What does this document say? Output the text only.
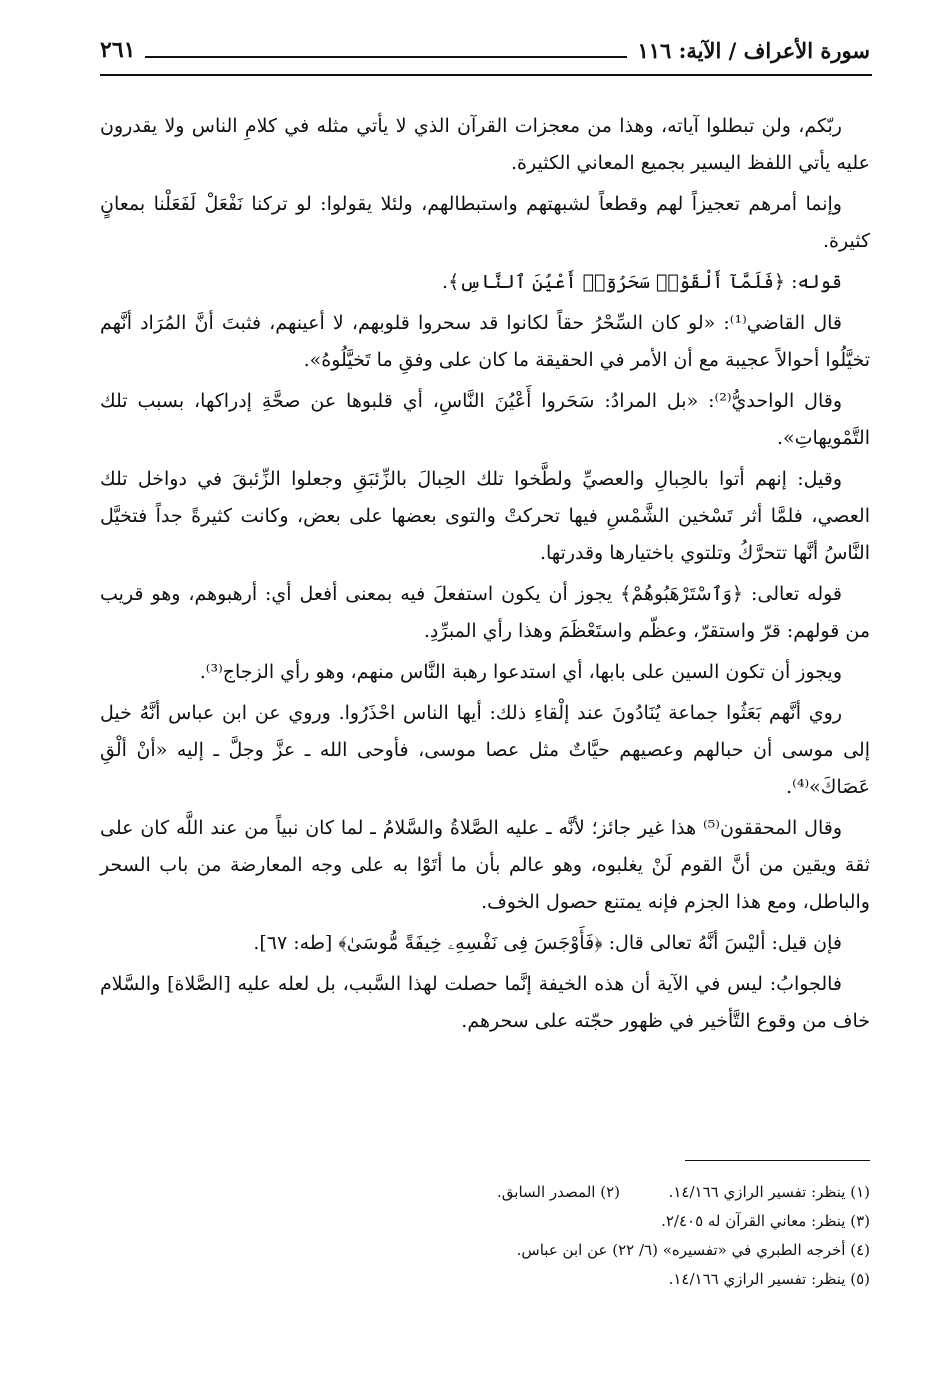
سورة الأعراف / الآية: ١١٦
٢٦١

ربّكم، ولن تبطلوا آياته، وهذا من معجزات القرآن الذي لا يأتي مثله في كلامِ الناس ولا يقدرون عليه يأتي اللفظ اليسير بجميع المعاني الكثيرة.

وإنما أمرهم تعجيزاً لهم وقطعاً لشبهتهم واستبطالهم، ولئلا يقولوا: لو تركنا نَفْعَلْ لَفَعَلْنا بمعانٍ كثيرة.

قوله: ﴿فَلَمَّآ أَلْقَوْا۟ سَحَرُوٓا۟ أَعْيُنَ ٱلنَّاسِ﴾.

قال القاضي⁽¹⁾: «لو كان السِّحْرُ حقاً لكانوا قد سحروا قلوبهم، لا أعينهم، فثبتَ أنَّ المُرَاد أنَّهم تخيَّلُوا أحوالاً عجيبة مع أن الأمر في الحقيقة ما كان على وفقِ ما تَخيَّلُوهُ».

وقال الواحديُّ⁽²⁾: «بل المرادُ: سَحَروا أَعْيُنَ النَّاسِ، أي قلبوها عن صحَّةِ إدراكها، بسبب تلك التَّمْويهاتِ».

وقيل: إنهم أتوا بالحِبالِ والعصيِّ ولطَّخوا تلك الحِبالَ بالزِّئبَقِ وجعلوا الزِّئبقَ في دواخل تلك العصي، فلمَّا أثر تَسْخين الشَّمْسِ فيها تحركتْ والتوى بعضها على بعض، وكانت كثيرةً جداً فتخيَّل النَّاسُ أنَّها تتحرَّكُ وتلتوي باختيارها وقدرتها.

قوله تعالى: ﴿وَٱسْتَرْهَبُوهُمْ﴾ يجوز أن يكون استفعلَ فيه بمعنى أفعل أي: أرهبوهم، وهو قريب من قولهم: قرّ واستقرّ، وعظّم واستَعْظَمَ وهذا رأي المبرِّدِ.

ويجوز أن تكون السين على بابها، أي استدعوا رهبة النَّاس منهم، وهو رأي الزجاج⁽³⁾.

روي أنَّهم بَعَثُوا جماعة يُنَادُونَ عند إلْقاءِ ذلك: أيها الناس احْذَرُوا. وروي عن ابن عباس أنَّهُ خيل إلى موسى أن حبالهم وعصيهم حيَّاتٌ مثل عصا موسى، فأوحى الله ـ عزَّ وجلَّ ـ إليه «أنْ ألْقِ عَصَاكَ»⁽⁴⁾.

وقال المحققون⁽⁵⁾ هذا غير جائز؛ لأنَّه ـ عليه الصَّلاةُ والسَّلامُ ـ لما كان نبياً من عند اللَّه كان على ثقة ويقين من أنَّ القوم لَنْ يغلبوه، وهو عالم بأن ما أتَوْا به على وجه المعارضة من باب السحر والباطل، ومع هذا الجزم فإنه يمتنع حصول الخوف.

فإن قيل: أليْسَ أنَّهُ تعالى قال: ﴿فَأَوْجَسَ فِى نَفْسِهِۦ خِيفَةً مُّوسَىٰ﴾ [طه: ٦٧].

فالجوابُ: ليس في الآية أن هذه الخيفة إنَّما حصلت لهذا السَّبب، بل لعله عليه [الصَّلاة] والسَّلام خاف من وقوع التَّأخير في ظهور حجّته على سحرهم.

(١) ينظر: تفسير الرازي ١٤/١٦٦.
(٢) المصدر السابق.
(٣) ينظر: معاني القرآن له ٢/٤٠٥.
(٤) أخرجه الطبري في «تفسيره» (٦/ ٢٢) عن ابن عباس.
(٥) ينظر: تفسير الرازي ١٤/١٦٦.
